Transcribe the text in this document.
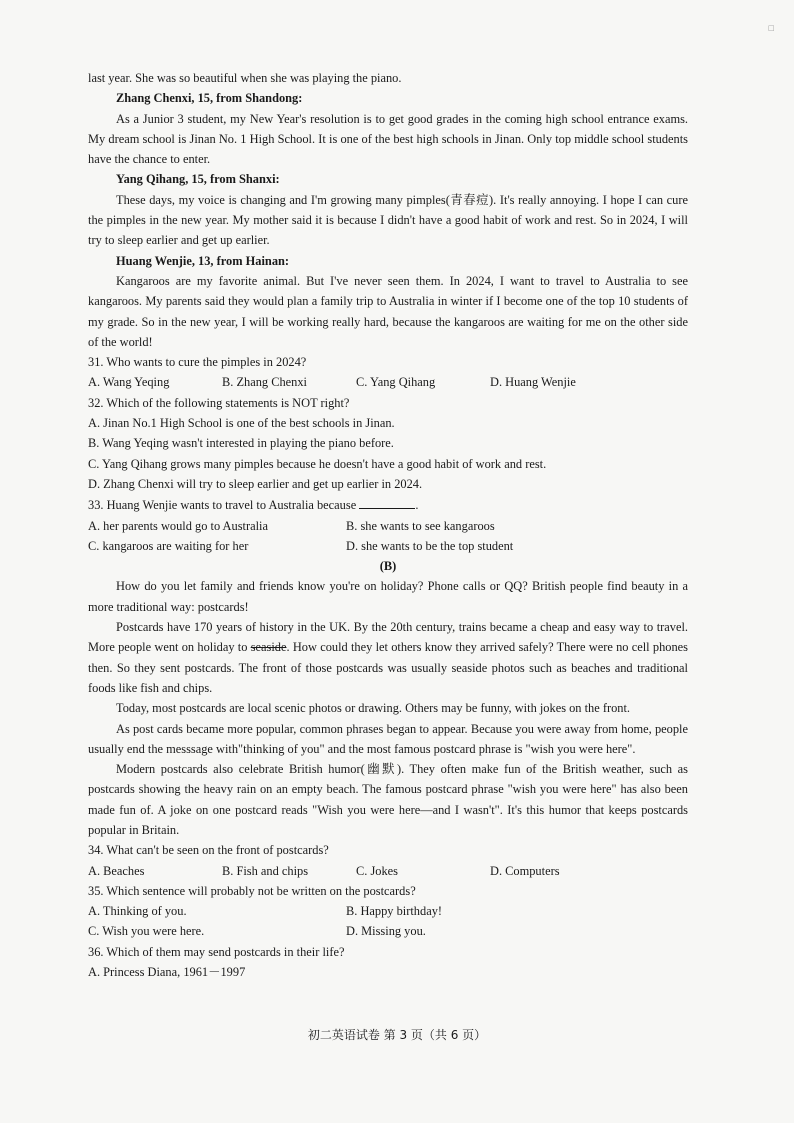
□

last year. She was so beautiful when she was playing the piano.

Zhang Chenxi, 15, from Shandong:

As a Junior 3 student, my New Year's resolution is to get good grades in the coming high school entrance exams. My dream school is Jinan No. 1 High School. It is one of the best high schools in Jinan. Only top middle school students have the chance to enter.

Yang Qihang, 15, from Shanxi:

These days, my voice is changing and I'm growing many pimples(青春痘). It's really annoying. I hope I can cure the pimples in the new year. My mother said it is because I didn't have a good habit of work and rest. So in 2024, I will try to sleep earlier and get up earlier.

Huang Wenjie, 13, from Hainan:

Kangaroos are my favorite animal. But I've never seen them. In 2024, I want to travel to Australia to see kangaroos. My parents said they would plan a family trip to Australia in winter if I become one of the top 10 students of my grade. So in the new year, I will be working really hard, because the kangaroos are waiting for me on the other side of the world!

31. Who wants to cure the pimples in 2024?

A. Wang Yeqing	B. Zhang Chenxi	C. Yang Qihang	D. Huang Wenjie

32. Which of the following statements is NOT right?

A. Jinan No.1 High School is one of the best schools in Jinan.

B. Wang Yeqing wasn't interested in playing the piano before.

C. Yang Qihang grows many pimples because he doesn't have a good habit of work and rest.

D. Zhang Chenxi will try to sleep earlier and get up earlier in 2024.

33. Huang Wenjie wants to travel to Australia because	.

A. her parents would go to Australia	B. she wants to see kangaroos
C. kangaroos are waiting for her	D. she wants to be the top student

(B)

How do you let family and friends know you're on holiday? Phone calls or QQ? British people find beauty in a more traditional way: postcards!

Postcards have 170 years of history in the UK. By the 20th century, trains became a cheap and easy way to travel. More people went on holiday to seaside. How could they let others know they arrived safely? There were no cell phones then. So they sent postcards. The front of those postcards was usually seaside photos such as beaches and traditional foods like fish and chips.

Today, most postcards are local scenic photos or drawing. Others may be funny, with jokes on the front.

As post cards became more popular, common phrases began to appear. Because you were away from home, people usually end the messsage with"thinking of you" and the most famous postcard phrase is "wish you were here".

Modern postcards also celebrate British humor(幽默). They often make fun of the British weather, such as postcards showing the heavy rain on an empty beach. The famous postcard phrase "wish you were here" has also been made fun of. A joke on one postcard reads "Wish you were here—and I wasn't". It's this humor that keeps postcards popular in Britain.

34. What can't be seen on the front of postcards?

A. Beaches	B. Fish and chips	C. Jokes	D. Computers

35. Which sentence will probably not be written on the postcards?

A. Thinking of you.	B. Happy birthday!
C. Wish you were here.	D. Missing you.

36. Which of them may send postcards in their life?

A. Princess Diana, 1961－1997

初二英语试卷 第 3 页（共 6 页）
